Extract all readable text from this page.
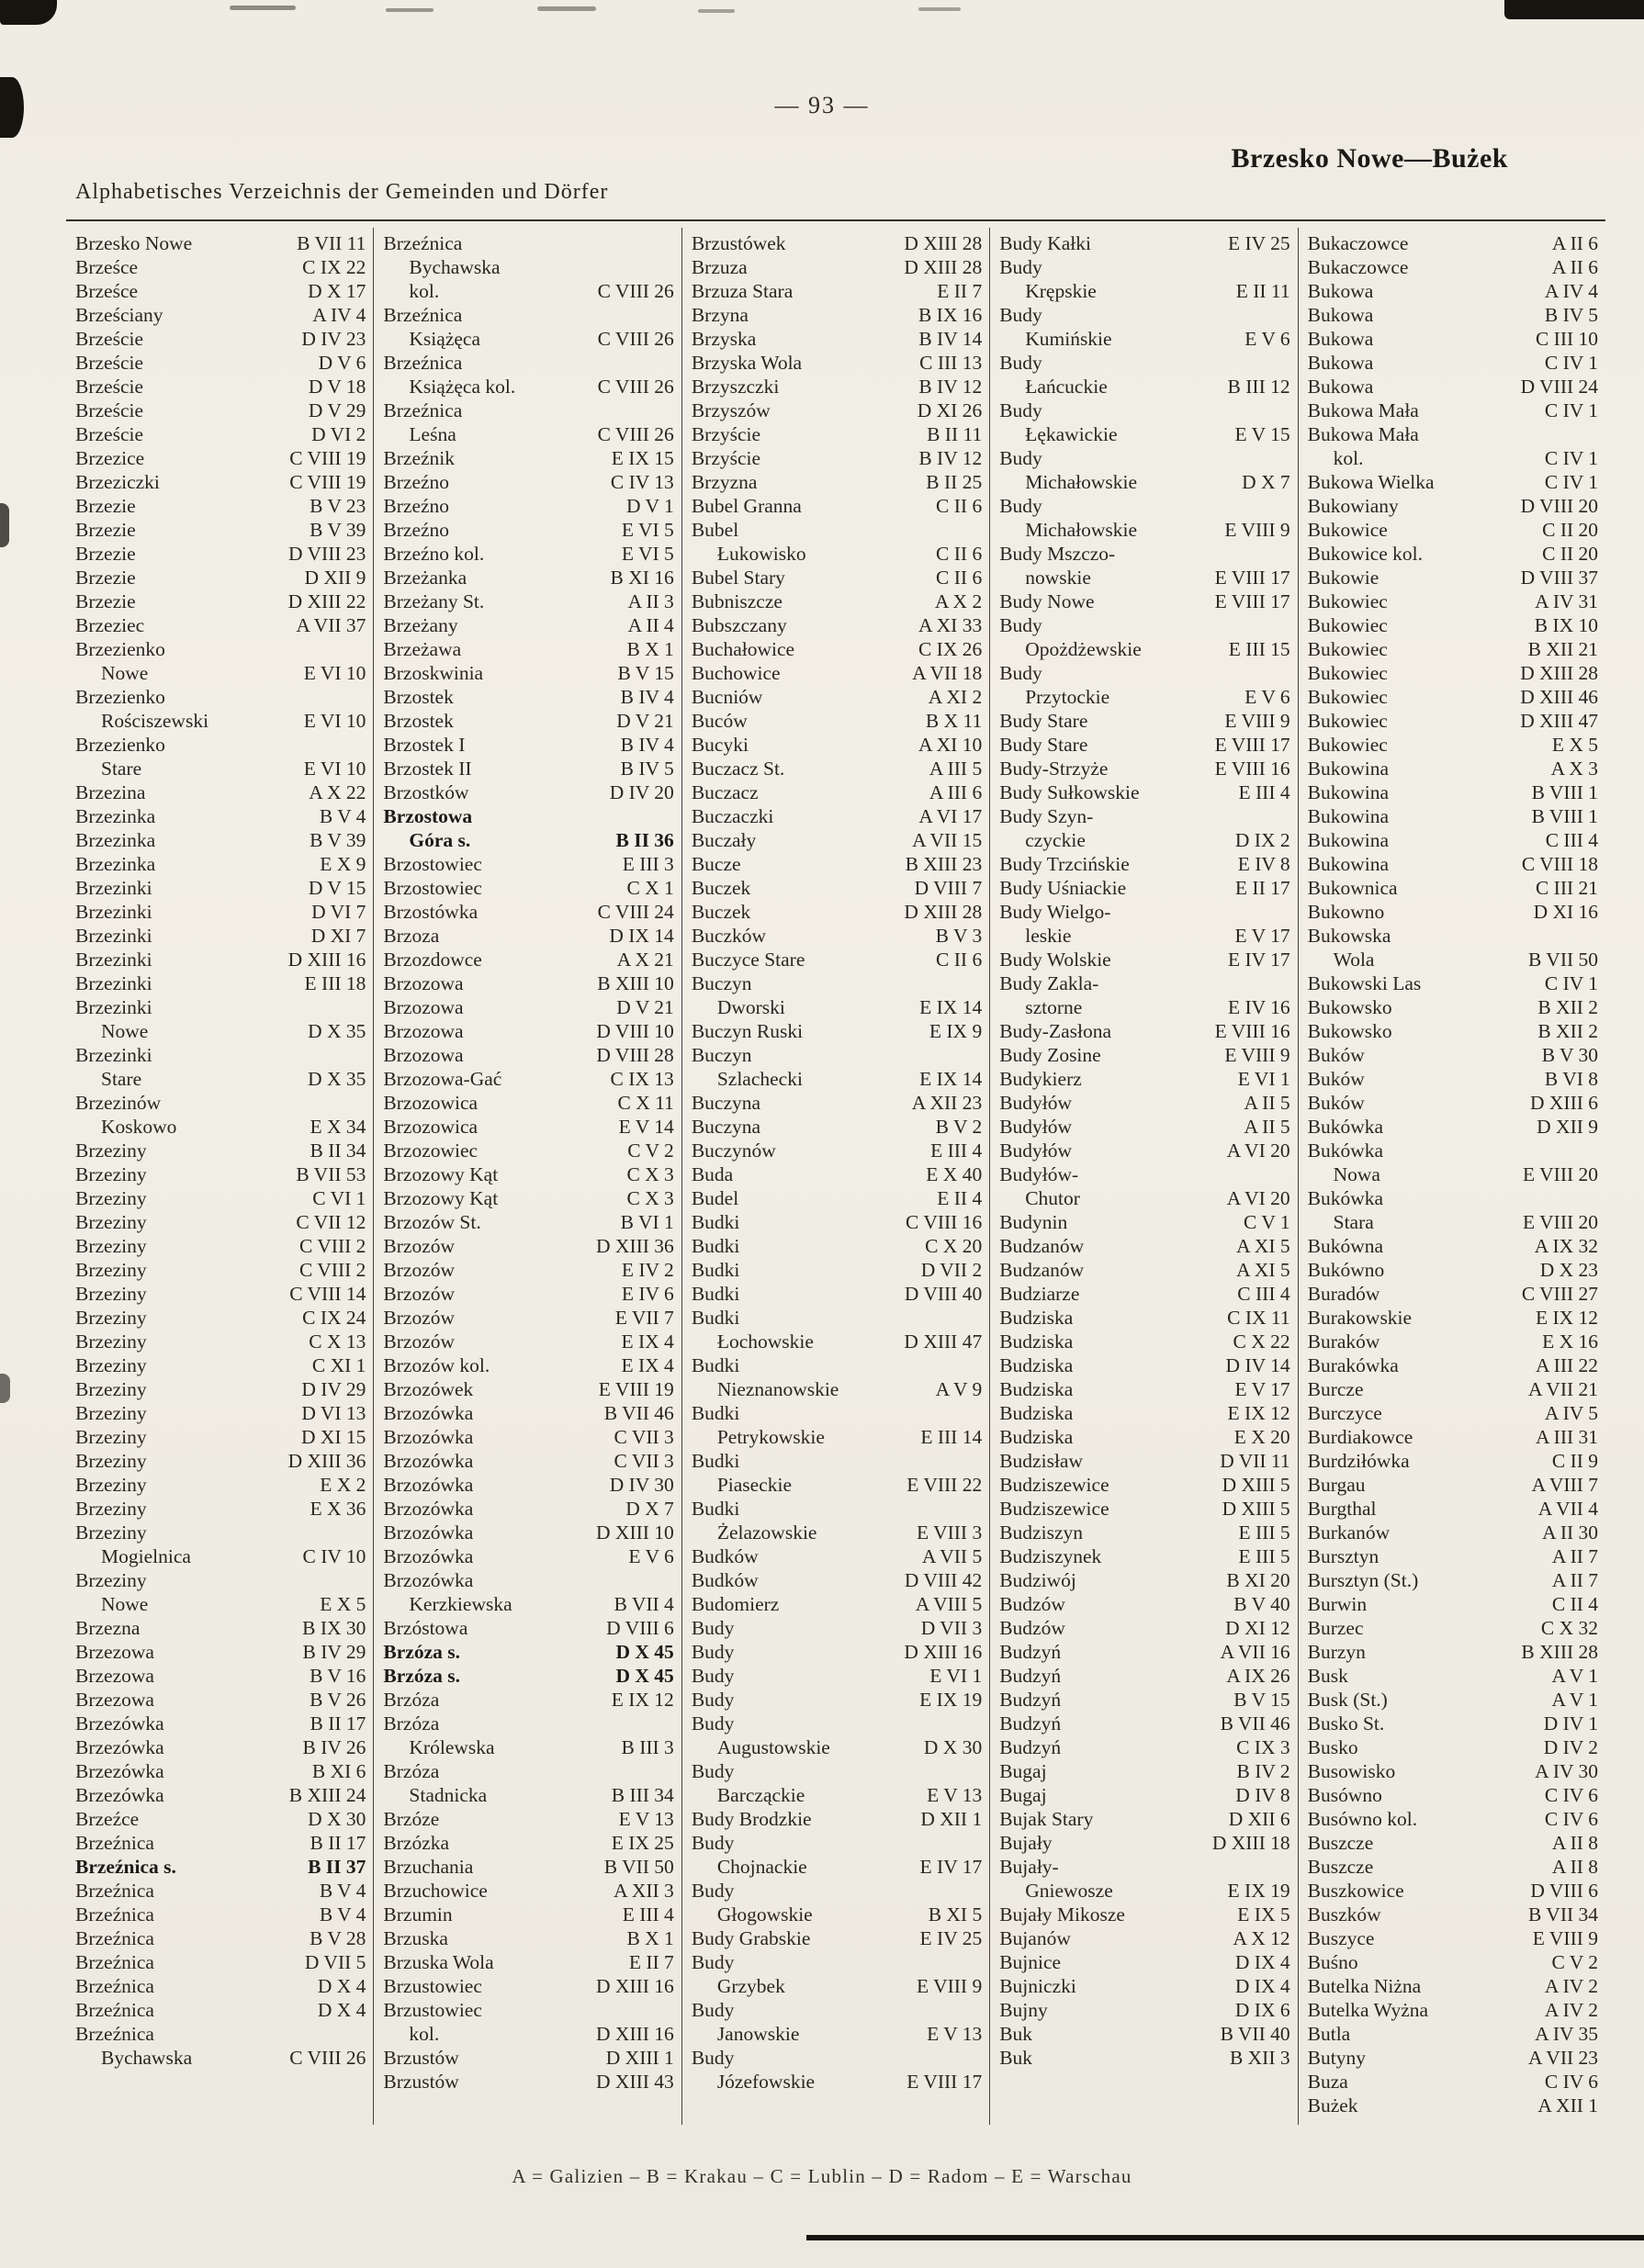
— 93 —
Brzesko Nowe—Bużek
Alphabetisches Verzeichnis der Gemeinden und Dörfer
Brzesko Nowe	B VII 11
Brześce	C IX 22
Brześce	D X 17
Brześciany	A IV 4
Brzeście	D IV 23
Brzeście	D V 6
Brzeście	D V 18
Brzeście	D V 29
Brzeście	D VI 2
Brzezice	C VIII 19
Brzeziczki	C VIII 19
Brzezie	B V 23
Brzezie	B V 39
Brzezie	D VIII 23
Brzezie	D XII 9
Brzezie	D XIII 22
Brzeziec	A VII 37
Brzezienko
Nowe	E VI 10
Brzezienko
Rościszewski	E VI 10
Brzezienko
Stare	E VI 10
Brzezina	A X 22
Brzezinka	B V 4
Brzezinka	B V 39
Brzezinka	E X 9
Brzezinki	D V 15
Brzezinki	D VI 7
Brzezinki	D XI 7
Brzezinki	D XIII 16
Brzezinki	E III 18
Brzezinki
Nowe	D X 35
Brzezinki
Stare	D X 35
Brzezinów
Koskowo	E X 34
Brzeziny	B II 34
Brzeziny	B VII 53
Brzeziny	C VI 1
Brzeziny	C VII 12
Brzeziny	C VIII 2
Brzeziny	C VIII 2
Brzeziny	C VIII 14
Brzeziny	C IX 24
Brzeziny	C X 13
Brzeziny	C XI 1
Brzeziny	D IV 29
Brzeziny	D VI 13
Brzeziny	D XI 15
Brzeziny	D XIII 36
Brzeziny	E X 2
Brzeziny	E X 36
Brzeziny
Mogielnica	C IV 10
Brzeziny
Nowe	E X 5
Brzezna	B IX 30
Brzezowa	B IV 29
Brzezowa	B V 16
Brzezowa	B V 26
Brzezówka	B II 17
Brzezówka	B IV 26
Brzezówka	B XI 6
Brzezówka	B XIII 24
Brzeźce	D X 30
Brzeźnica	B II 17
Brzeźnica s.	B II 37
Brzeźnica	B V 4
Brzeźnica	B V 4
Brzeźnica	B V 28
Brzeźnica	D VII 5
Brzeźnica	D X 4
Brzeźnica	D X 4
Brzeźnica
Bychawska	C VIII 26
Brzeźnica
Bychawska
kol.	C VIII 26
Brzeźnica
Książęca	C VIII 26
Brzeźnica
Książęca kol.	C VIII 26
Brzeźnica
Leśna	C VIII 26
Brzeźnik	E IX 15
Brzeźno	C IV 13
Brzeźno	D V 1
Brzeźno	E VI 5
Brzeźno kol.	E VI 5
Brzeżanka	B XI 16
Brzeżany St.	A II 3
Brzeżany	A II 4
Brzeżawa	B X 1
Brzoskwinia	B V 15
Brzostek	B IV 4
Brzostek	D V 21
Brzostek I	B IV 4
Brzostek II	B IV 5
Brzostków	D IV 20
Brzostowa
Góra s.	B II 36
Brzostowiec	E III 3
Brzostowiec	C X 1
Brzostówka	C VIII 24
Brzoza	D IX 14
Brzozdowce	A X 21
Brzozowa	B XIII 10
Brzozowa	D V 21
Brzozowa	D VIII 10
Brzozowa	D VIII 28
Brzozowa-Gać	C IX 13
Brzozowica	C X 11
Brzozowica	E V 14
Brzozowiec	C V 2
Brzozowy Kąt	C X 3
Brzozowy Kąt	C X 3
Brzozów St.	B VI 1
Brzozów	D XIII 36
Brzozów	E IV 2
Brzozów	E IV 6
Brzozów	E VII 7
Brzozów	E IX 4
Brzozów kol.	E IX 4
Brzozówek	E VIII 19
Brzozówka	B VII 46
Brzozówka	C VII 3
Brzozówka	C VII 3
Brzozówka	D IV 30
Brzozówka	D X 7
Brzozówka	D XIII 10
Brzozówka	E V 6
Brzozówka
Kerzkiewska	B VII 4
Brzóstowa	D VIII 6
Brzóza s.	D X 45
Brzóza s.	D X 45
Brzóza	E IX 12
Brzóza
Królewska	B III 3
Brzóza
Stadnicka	B III 34
Brzóze	E V 13
Brzózka	E IX 25
Brzuchania	B VII 50
Brzuchowice	A XII 3
Brzumin	E III 4
Brzuska	B X 1
Brzuska Wola	E II 7
Brzustowiec	D XIII 16
Brzustowiec
kol.	D XIII 16
Brzustów	D XIII 1
Brzustów	D XIII 43
Brzustówek	D XIII 28
Brzuza	D XIII 28
Brzuza Stara	E II 7
Brzyna	B IX 16
Brzyska	B IV 14
Brzyska Wola	C III 13
Brzyszczki	B IV 12
Brzyszów	D XI 26
Brzyście	B II 11
Brzyście	B IV 12
Brzyzna	B II 25
Bubel Granna	C II 6
Bubel
Łukowisko	C II 6
Bubel Stary	C II 6
Bubniszcze	A X 2
Bubszczany	A XI 33
Buchałowice	C IX 26
Buchowice	A VII 18
Bucniów	A XI 2
Buców	B X 11
Bucyki	A XI 10
Buczacz St.	A III 5
Buczacz	A III 6
Buczaczki	A VI 17
Buczały	A VII 15
Bucze	B XIII 23
Buczek	D VIII 7
Buczek	D XIII 28
Buczków	B V 3
Buczyce Stare	C II 6
Buczyn
Dworski	E IX 14
Buczyn Ruski	E IX 9
Buczyn
Szlachecki	E IX 14
Buczyna	A XII 23
Buczyna	B V 2
Buczynów	E III 4
Buda	E X 40
Budel	E II 4
Budki	C VIII 16
Budki	C X 20
Budki	D VII 2
Budki	D VIII 40
Budki
Łochowskie	D XIII 47
Budki
Nieznanowskie	A V 9
Budki
Petrykowskie	E III 14
Budki
Piaseckie	E VIII 22
Budki
Żelazowskie	E VIII 3
Budków	A VII 5
Budków	D VIII 42
Budomierz	A VIII 5
Budy	D VII 3
Budy	D XIII 16
Budy	E VI 1
Budy	E IX 19
Budy
Augustowskie	D X 30
Budy
Barcząckie	E V 13
Budy Brodzkie	D XII 1
Budy
Chojnackie	E IV 17
Budy
Głogowskie	B XI 5
Budy Grabskie	E IV 25
Budy
Grzybek	E VIII 9
Budy
Janowskie	E V 13
Budy
Józefowskie	E VIII 17
Budy Kałki	E IV 25
Budy
Krępskie	E II 11
Budy
Kumińskie	E V 6
Budy
Łańcuckie	B III 12
Budy
Łękawickie	E V 15
Budy
Michałowskie	D X 7
Budy
Michałowskie	E VIII 9
Budy Mszczo-
nowskie	E VIII 17
Budy Nowe	E VIII 17
Budy
Opożdżewskie	E III 15
Budy
Przytockie	E V 6
Budy Stare	E VIII 9
Budy Stare	E VIII 17
Budy-Strzyże	E VIII 16
Budy Sułkowskie	E III 4
Budy Szyn-
czyckie	D IX 2
Budy Trzcińskie	E IV 8
Budy Uśniackie	E II 17
Budy Wielgo-
leskie	E V 17
Budy Wolskie	E IV 17
Budy Zakla-
sztorne	E IV 16
Budy-Zasłona	E VIII 16
Budy Zosine	E VIII 9
Budykierz	E VI 1
Budyłów	A II 5
Budyłów	A II 5
Budyłów	A VI 20
Budyłów-
Chutor	A VI 20
Budynin	C V 1
Budzanów	A XI 5
Budzanów	A XI 5
Budziarze	C III 4
Budziska	C IX 11
Budziska	C X 22
Budziska	D IV 14
Budziska	E V 17
Budziska	E IX 12
Budziska	E X 20
Budzisław	D VII 11
Budziszewice	D XIII 5
Budziszewice	D XIII 5
Budziszyn	E III 5
Budziszynek	E III 5
Budziwój	B XI 20
Budzów	B V 40
Budzów	D XI 12
Budzyń	A VII 16
Budzyń	A IX 26
Budzyń	B V 15
Budzyń	B VII 46
Budzyń	C IX 3
Bugaj	B IV 2
Bugaj	D IV 8
Bujak Stary	D XII 6
Bujały	D XIII 18
Bujały-
Gniewosze	E IX 19
Bujały Mikosze	E IX 5
Bujanów	A X 12
Bujnice	D IX 4
Bujniczki	D IX 4
Bujny	D IX 6
Buk	B VII 40
Buk	B XII 3
Bukaczowce	A II 6
Bukaczowce	A II 6
Bukowa	A IV 4
Bukowa	B IV 5
Bukowa	C III 10
Bukowa	C IV 1
Bukowa	D VIII 24
Bukowa Mała	C IV 1
Bukowa Mała
kol.	C IV 1
Bukowa Wielka	C IV 1
Bukowiany	D VIII 20
Bukowice	C II 20
Bukowice kol.	C II 20
Bukowie	D VIII 37
Bukowiec	A IV 31
Bukowiec	B IX 10
Bukowiec	B XII 21
Bukowiec	D XIII 28
Bukowiec	D XIII 46
Bukowiec	D XIII 47
Bukowiec	E X 5
Bukowina	A X 3
Bukowina	B VIII 1
Bukowina	B VIII 1
Bukowina	C III 4
Bukowina	C VIII 18
Bukownica	C III 21
Bukowno	D XI 16
Bukowska
Wola	B VII 50
Bukowski Las	C IV 1
Bukowsko	B XII 2
Bukowsko	B XII 2
Buków	B V 30
Buków	B VI 8
Buków	D XIII 6
Bukówka	D XII 9
Bukówka
Nowa	E VIII 20
Bukówka
Stara	E VIII 20
Bukówna	A IX 32
Bukówno	D X 23
Buradów	C VIII 27
Burakowskie	E IX 12
Buraków	E X 16
Burakówka	A III 22
Burcze	A VII 21
Burczyce	A IV 5
Burdiakowce	A III 31
Burdziłówka	C II 9
Burgau	A VIII 7
Burgthal	A VII 4
Burkanów	A II 30
Bursztyn	A II 7
Bursztyn (St.)	A II 7
Burwin	C II 4
Burzec	C X 32
Burzyn	B XIII 28
Busk	A V 1
Busk (St.)	A V 1
Busko St.	D IV 1
Busko	D IV 2
Busowisko	A IV 30
Busówno	C IV 6
Busówno kol.	C IV 6
Buszcze	A II 8
Buszcze	A II 8
Buszkowice	D VIII 6
Buszków	B VII 34
Buszyce	E VIII 9
Buśno	C V 2
Butelka Niżna	A IV 2
Butelka Wyżna	A IV 2
Butla	A IV 35
Butyny	A VII 23
Buza	C IV 6
Bużek	A XII 1
A = Galizien – B = Krakau – C = Lublin – D = Radom – E = Warschau
